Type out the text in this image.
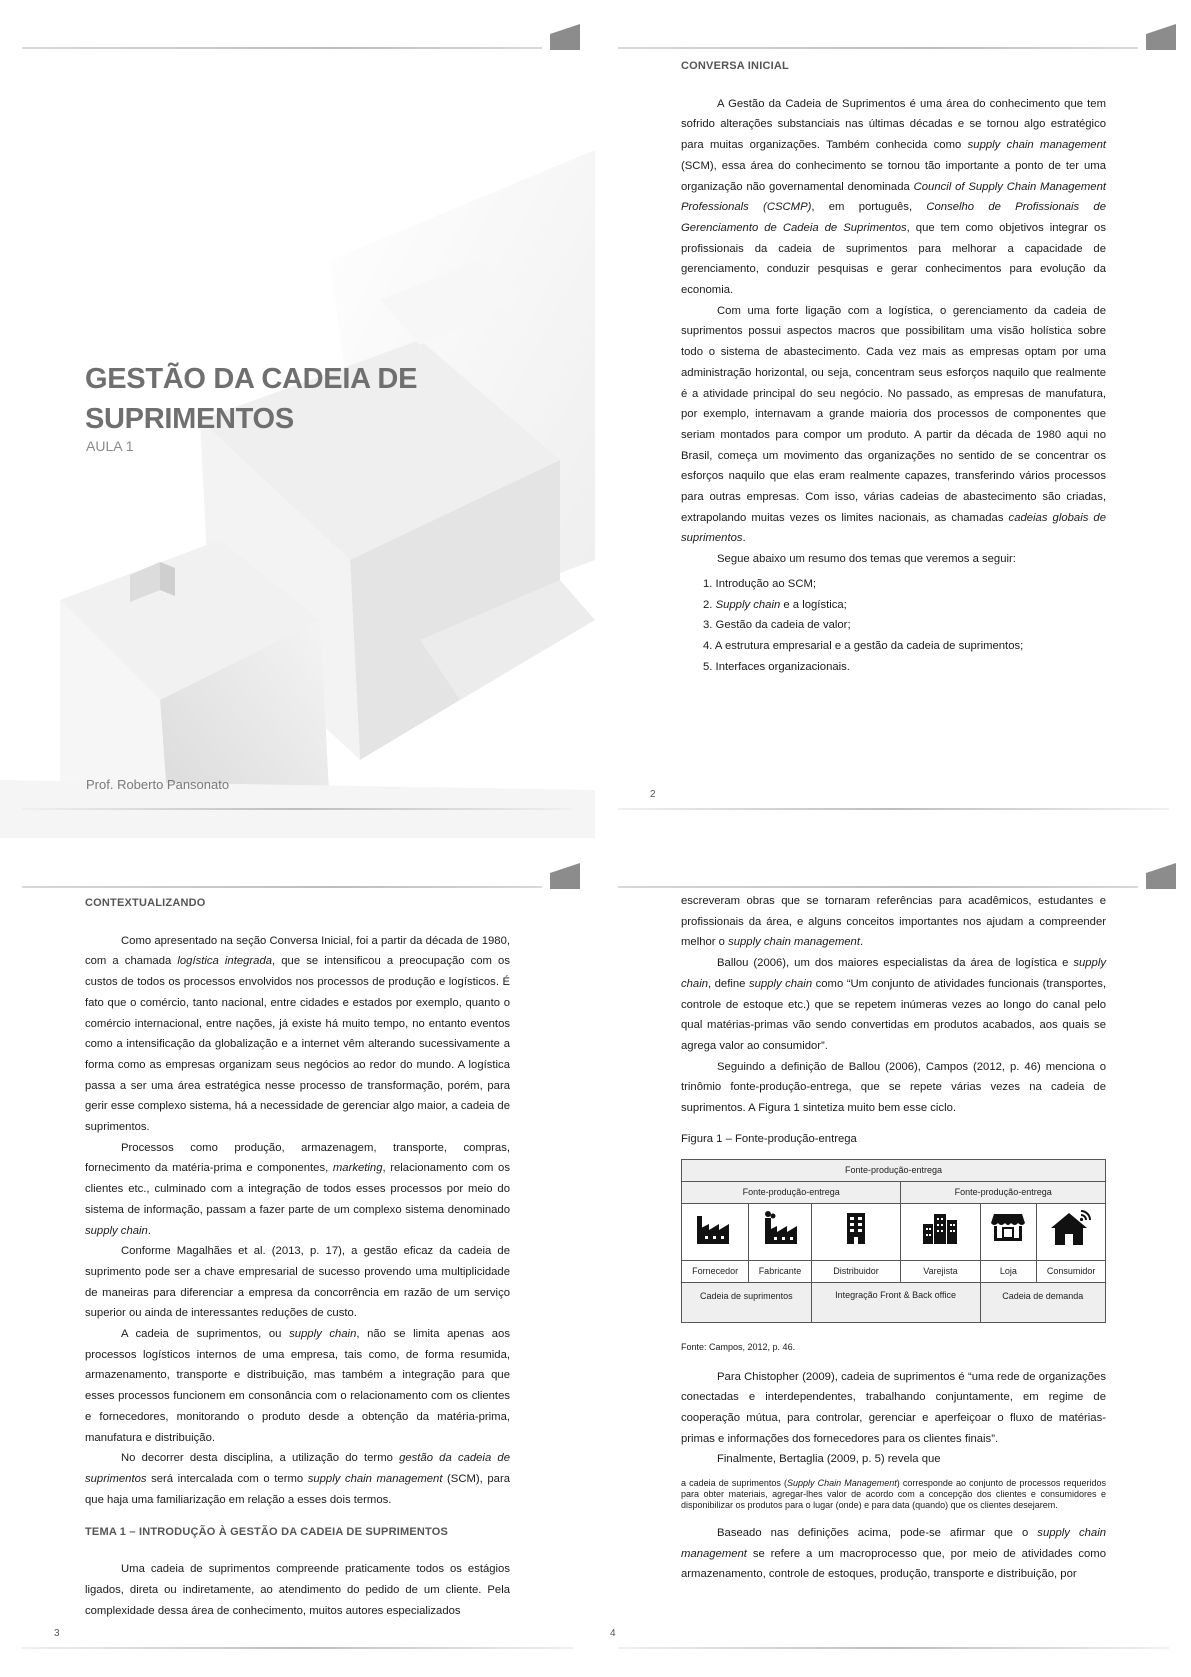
GESTÃO DA CADEIA DE
SUPRIMENTOS
AULA 1
Prof. Roberto Pansonato

CONVERSA INICIAL

A Gestão da Cadeia de Suprimentos é uma área do conhecimento que tem sofrido alterações substanciais nas últimas décadas e se tornou algo estratégico para muitas organizações. Também conhecida como supply chain management (SCM), essa área do conhecimento se tornou tão importante a ponto de ter uma organização não governamental denominada Council of Supply Chain Management Professionals (CSCMP), em português, Conselho de Profissionais de Gerenciamento de Cadeia de Suprimentos, que tem como objetivos integrar os profissionais da cadeia de suprimentos para melhorar a capacidade de gerenciamento, conduzir pesquisas e gerar conhecimentos para evolução da economia.

Com uma forte ligação com a logística, o gerenciamento da cadeia de suprimentos possui aspectos macros que possibilitam uma visão holística sobre todo o sistema de abastecimento. Cada vez mais as empresas optam por uma administração horizontal, ou seja, concentram seus esforços naquilo que realmente é a atividade principal do seu negócio. No passado, as empresas de manufatura, por exemplo, internavam a grande maioria dos processos de componentes que seriam montados para compor um produto. A partir da década de 1980 aqui no Brasil, começa um movimento das organizações no sentido de se concentrar os esforços naquilo que elas eram realmente capazes, transferindo vários processos para outras empresas. Com isso, várias cadeias de abastecimento são criadas, extrapolando muitas vezes os limites nacionais, as chamadas cadeias globais de suprimentos.

Segue abaixo um resumo dos temas que veremos a seguir:

1. Introdução ao SCM;
2. Supply chain e a logística;
3. Gestão da cadeia de valor;
4. A estrutura empresarial e a gestão da cadeia de suprimentos;
5. Interfaces organizacionais.
2

CONTEXTUALIZANDO

Como apresentado na seção Conversa Inicial, foi a partir da década de 1980, com a chamada logística integrada, que se intensificou a preocupação com os custos de todos os processos envolvidos nos processos de produção e logísticos. É fato que o comércio, tanto nacional, entre cidades e estados por exemplo, quanto o comércio internacional, entre nações, já existe há muito tempo, no entanto eventos como a intensificação da globalização e a internet vêm alterando sucessivamente a forma como as empresas organizam seus negócios ao redor do mundo. A logística passa a ser uma área estratégica nesse processo de transformação, porém, para gerir esse complexo sistema, há a necessidade de gerenciar algo maior, a cadeia de suprimentos.

Processos como produção, armazenagem, transporte, compras, fornecimento da matéria-prima e componentes, marketing, relacionamento com os clientes etc., culminado com a integração de todos esses processos por meio do sistema de informação, passam a fazer parte de um complexo sistema denominado supply chain.

Conforme Magalhães et al. (2013, p. 17), a gestão eficaz da cadeia de suprimento pode ser a chave empresarial de sucesso provendo uma multiplicidade de maneiras para diferenciar a empresa da concorrência em razão de um serviço superior ou ainda de interessantes reduções de custo.

A cadeia de suprimentos, ou supply chain, não se limita apenas aos processos logísticos internos de uma empresa, tais como, de forma resumida, armazenamento, transporte e distribuição, mas também a integração para que esses processos funcionem em consonância com o relacionamento com os clientes e fornecedores, monitorando o produto desde a obtenção da matéria-prima, manufatura e distribuição.

No decorrer desta disciplina, a utilização do termo gestão da cadeia de suprimentos será intercalada com o termo supply chain management (SCM), para que haja uma familiarização em relação a esses dois termos.

TEMA 1 – INTRODUÇÃO À GESTÃO DA CADEIA DE SUPRIMENTOS

Uma cadeia de suprimentos compreende praticamente todos os estágios ligados, direta ou indiretamente, ao atendimento do pedido de um cliente. Pela complexidade dessa área de conhecimento, muitos autores especializados

3

escreveram obras que se tornaram referências para acadêmicos, estudantes e profissionais da área, e alguns conceitos importantes nos ajudam a compreender melhor o supply chain management.

Ballou (2006), um dos maiores especialistas da área de logística e supply chain, define supply chain como “Um conjunto de atividades funcionais (transportes, controle de estoque etc.) que se repetem inúmeras vezes ao longo do canal pelo qual matérias-primas vão sendo convertidas em produtos acabados, aos quais se agrega valor ao consumidor”.

Seguindo a definição de Ballou (2006), Campos (2012, p. 46) menciona o trinômio fonte-produção-entrega, que se repete várias vezes na cadeia de suprimentos. A Figura 1 sintetiza muito bem esse ciclo.

Figura 1 – Fonte-produção-entrega

Fonte-produção-entrega					
Fonte-produção-entrega			Fonte-produção-entrega		

Fornecedor	Fabricante	Distribuidor	Varejista	Loja	Consumidor
Cadeia de suprimentos		Integração Front & Back office		Cadeia de demanda	

Fonte: Campos, 2012, p. 46.

Para Chistopher (2009), cadeia de suprimentos é “uma rede de organizações conectadas e interdependentes, trabalhando conjuntamente, em regime de cooperação mútua, para controlar, gerenciar e aperfeiçoar o fluxo de matérias-primas e informações dos fornecedores para os clientes finais”.

Finalmente, Bertaglia (2009, p. 5) revela que

a cadeia de suprimentos (Supply Chain Management) corresponde ao conjunto de processos requeridos para obter materiais, agregar-lhes valor de acordo com a concepção dos clientes e consumidores e disponibilizar os produtos para o lugar (onde) e para data (quando) que os clientes desejarem.

Baseado nas definições acima, pode-se afirmar que o supply chain management se refere a um macroprocesso que, por meio de atividades como armazenamento, controle de estoques, produção, transporte e distribuição, por

4
